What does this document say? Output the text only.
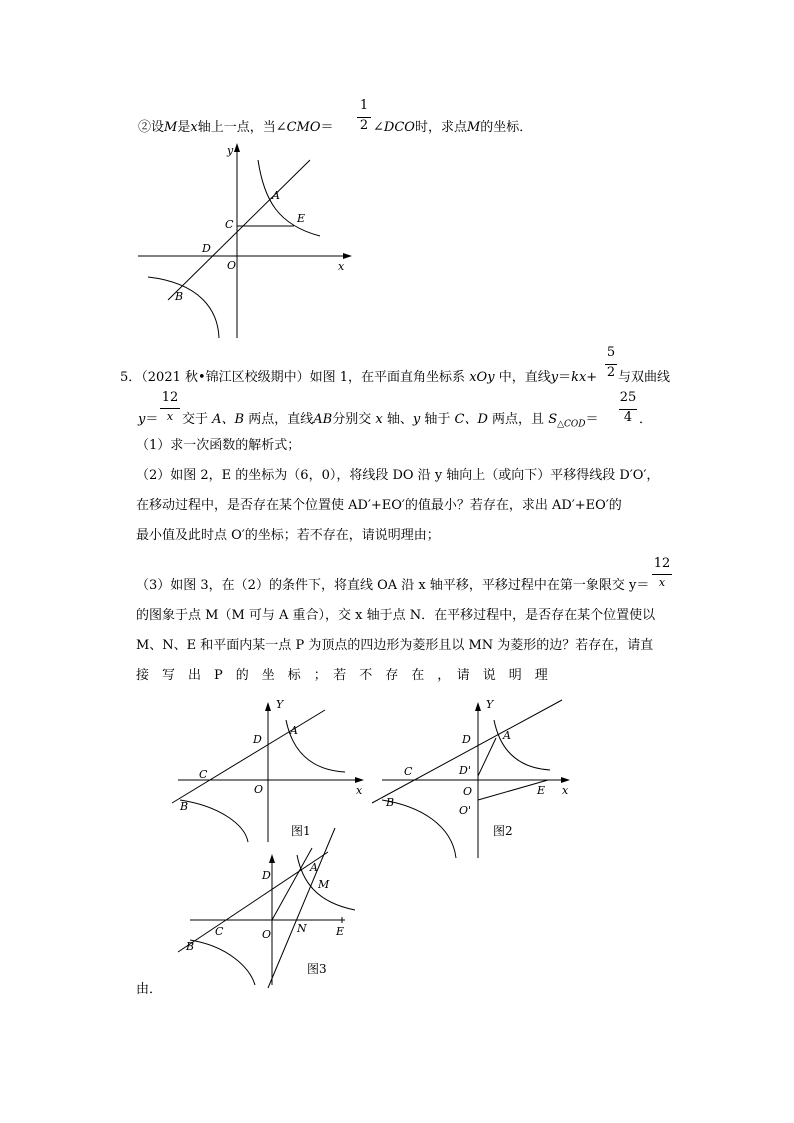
②设M是x轴上一点，当∠CMO＝ $\frac{1}{2}$ ∠DCO时，求点M的坐标．
y
x
A
E
C
D
O
B
5．（2021 秋•锦江区校级期中）如图 1，在平面直角坐标系 xOy 中，直线$y=kx+ \frac{5}{2}$ 与双曲线
12
x
y＝ 交于 A、B 两点，直线AB分别交 x 轴、y 轴于 C、D 两点，且 $S_{\triangle COD}= \frac{25}{4}$ ．
（1）求一次函数的解析式；
（2）如图 2，E 的坐标为（6，0），将线段 DO 沿 y 轴向上（或向下）平移得线段 D′O′，
在移动过程中，是否存在某个位置使 AD′+EO′的值最小？若存在，求出 AD′+EO′的
最小值及此时点 O′的坐标；若不存在，请说明理由；
（3）如图 3，在（2）的条件下，将直线 OA 沿 x 轴平移，平移过程中在第一象限交 y＝
12
x
的图象于点 M（M 可与 A 重合），交 x 轴于点 N．在平移过程中，是否存在某个位置使以
M、N、E 和平面内某一点 P 为顶点的四边形为菱形且以 MN 为菱形的边？若存在，请直
接　写　出　P　的　坐　标　；　若　不　存　在　，　请　说　明　理
由．
Y
x
D
A
C
O
B
图1
Y
x
D	A
C	D'
O
O'
E
B
图2
D
A
M
C	O N	E
B
图3
